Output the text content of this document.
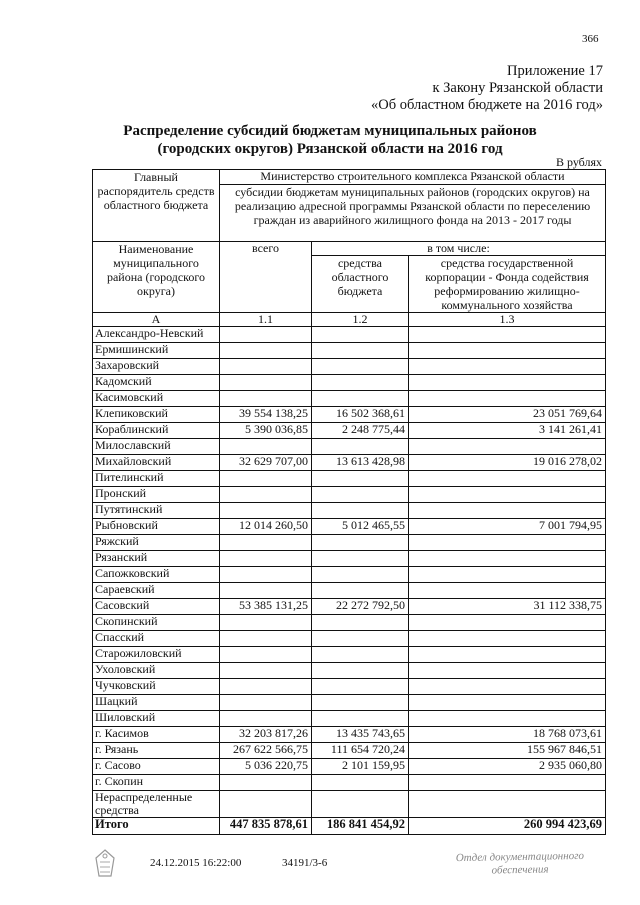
366
Приложение 17
к Закону Рязанской области
«Об областном бюджете на 2016 год»
Распределение субсидий бюджетам муниципальных районов
(городских округов) Рязанской области на 2016 год
В рублях
Главный распорядитель средств областного бюджета	Министерство строительного комплекса Рязанской области		
	субсидии бюджетам муниципальных районов (городских округов) на реализацию адресной программы Рязанской области по переселению граждан из аварийного жилищного фонда на 2013 - 2017 годы		
Наименование муниципального района (городского округа)	всего	в том числе:	
		средства областного бюджета	средства государственной корпорации - Фонда содействия реформированию жилищно-коммунального хозяйства
А	1.1	1.2	1.3
Александро-Невский			
Ермишинский			
Захаровский			
Кадомский			
Касимовский			
Клепиковский	39 554 138,25	16 502 368,61	23 051 769,64
Кораблинский	5 390 036,85	2 248 775,44	3 141 261,41
Милославский			
Михайловский	32 629 707,00	13 613 428,98	19 016 278,02
Пителинский			
Пронский			
Путятинский			
Рыбновский	12 014 260,50	5 012 465,55	7 001 794,95
Ряжский			
Рязанский			
Сапожковский			
Сараевский			
Сасовский	53 385 131,25	22 272 792,50	31 112 338,75
Скопинский			
Спасский			
Старожиловский			
Ухоловский			
Чучковский			
Шацкий			
Шиловский			
г. Касимов	32 203 817,26	13 435 743,65	18 768 073,61
г. Рязань	267 622 566,75	111 654 720,24	155 967 846,51
г. Сасово	5 036 220,75	2 101 159,95	2 935 060,80
г. Скопин			
Нераспределенные средства			
Итого	447 835 878,61	186 841 454,92	260 994 423,69
24.12.2015 16:22:00	34191/3-6	Отдел документационного обеспечения
